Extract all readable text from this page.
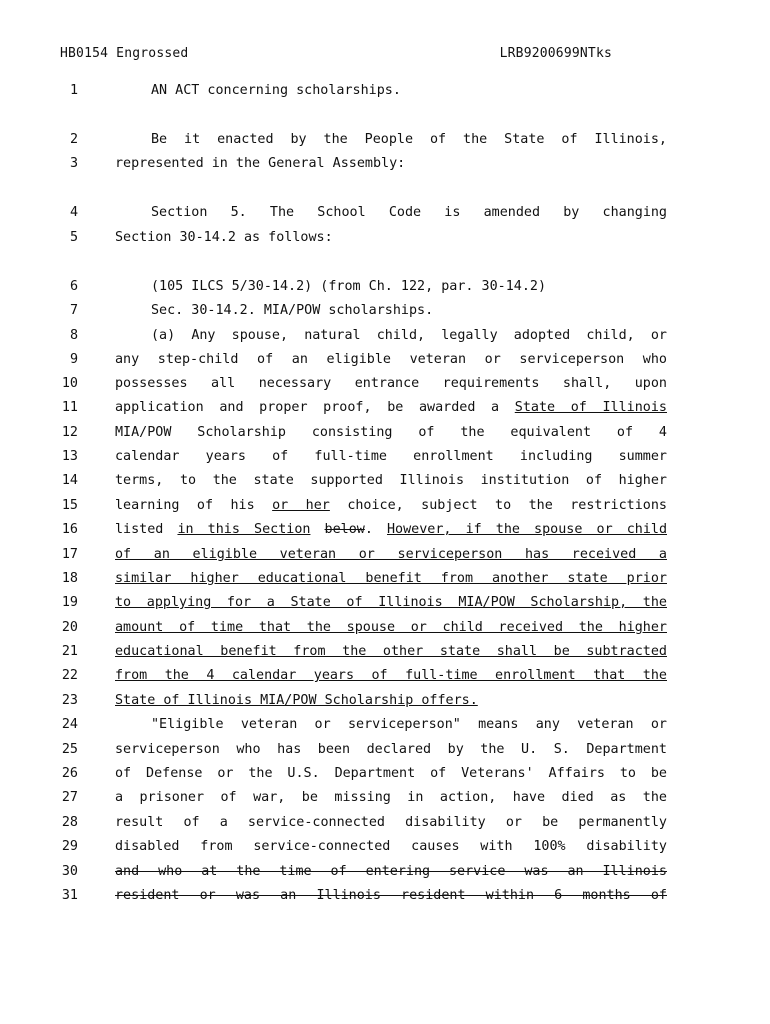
HB0154 Engrossed	LRB9200699NTks
1	AN ACT concerning scholarships.
2	Be it enacted by the People of the State of Illinois,
3	represented in the General Assembly:
4	Section 5. The School Code is amended by changing
5	Section 30-14.2 as follows:
6	(105 ILCS 5/30-14.2) (from Ch. 122, par. 30-14.2)
7	Sec. 30-14.2. MIA/POW scholarships.
8	(a) Any spouse, natural child, legally adopted child, or
9	any step-child of an eligible veteran or serviceperson who
10	possesses all necessary entrance requirements shall, upon
11	application and proper proof, be awarded a State of Illinois
12	MIA/POW Scholarship consisting of the equivalent of 4
13	calendar years of full-time enrollment including summer
14	terms, to the state supported Illinois institution of higher
15	learning of his or her choice, subject to the restrictions
16	listed in this Section below. However, if the spouse or child
17	of an eligible veteran or serviceperson has received a
18	similar higher educational benefit from another state prior
19	to applying for a State of Illinois MIA/POW Scholarship, the
20	amount of time that the spouse or child received the higher
21	educational benefit from the other state shall be subtracted
22	from the 4 calendar years of full-time enrollment that the
23	State of Illinois MIA/POW Scholarship offers.
24	"Eligible veteran or serviceperson" means any veteran or
25	serviceperson who has been declared by the U. S. Department
26	of Defense or the U.S. Department of Veterans' Affairs to be
27	a prisoner of war, be missing in action, have died as the
28	result of a service-connected disability or be permanently
29	disabled from service-connected causes with 100% disability
30	and who at the time of entering service was an Illinois
31	resident or was an Illinois resident within 6 months of
